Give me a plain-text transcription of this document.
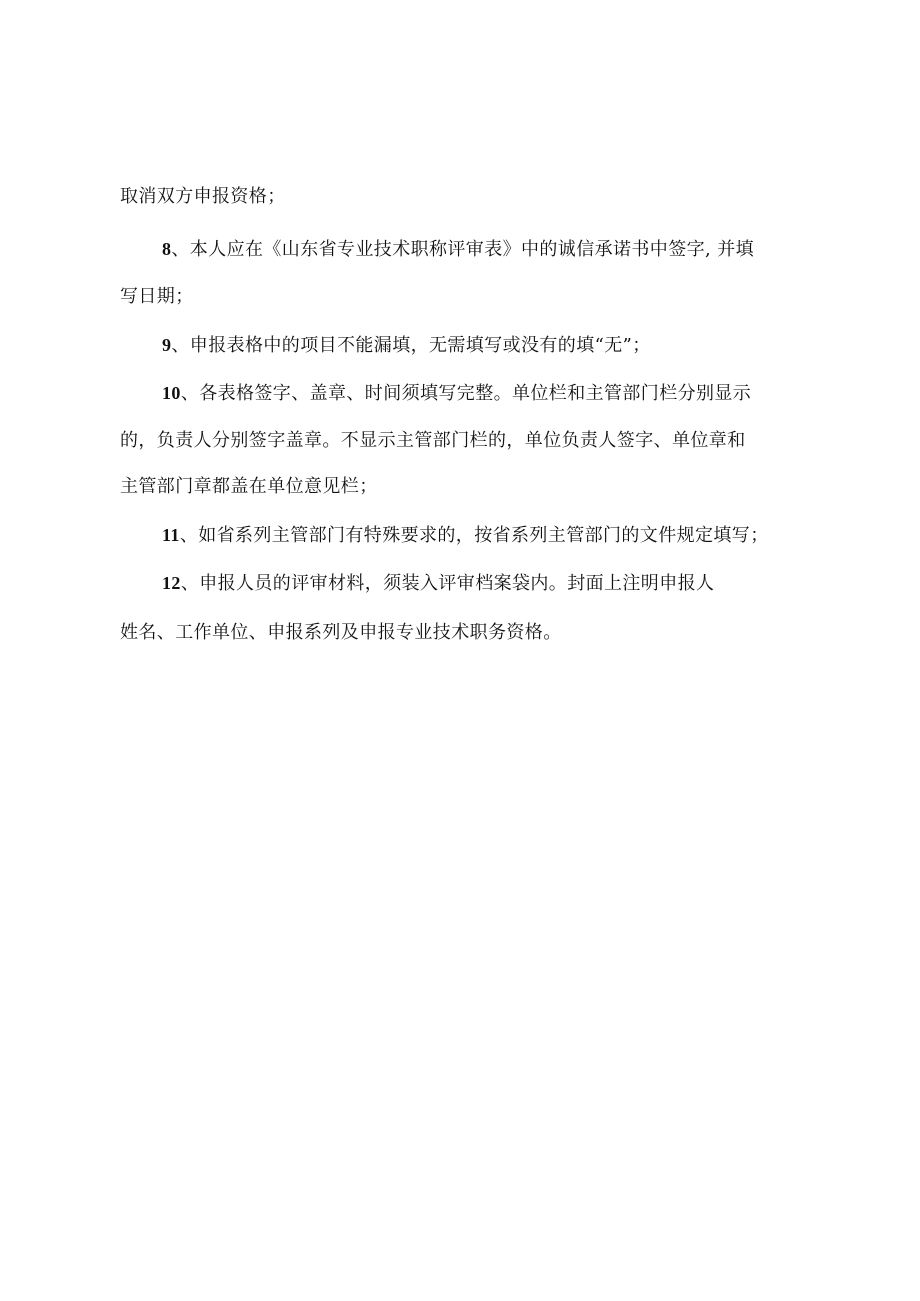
取消双方申报资格；
8、本人应在《山东省专业技术职称评审表》中的诚信承诺书中签字, 并填
写日期；
9、申报表格中的项目不能漏填，无需填写或没有的填“无”；
10、各表格签字、盖章、时间须填写完整。单位栏和主管部门栏分别显示
的，负责人分别签字盖章。不显示主管部门栏的，单位负责人签字、单位章和
主管部门章都盖在单位意见栏；
11、如省系列主管部门有特殊要求的，按省系列主管部门的文件规定填写；
12、申报人员的评审材料，须装入评审档案袋内。封面上注明申报人
姓名、工作单位、申报系列及申报专业技术职务资格。
